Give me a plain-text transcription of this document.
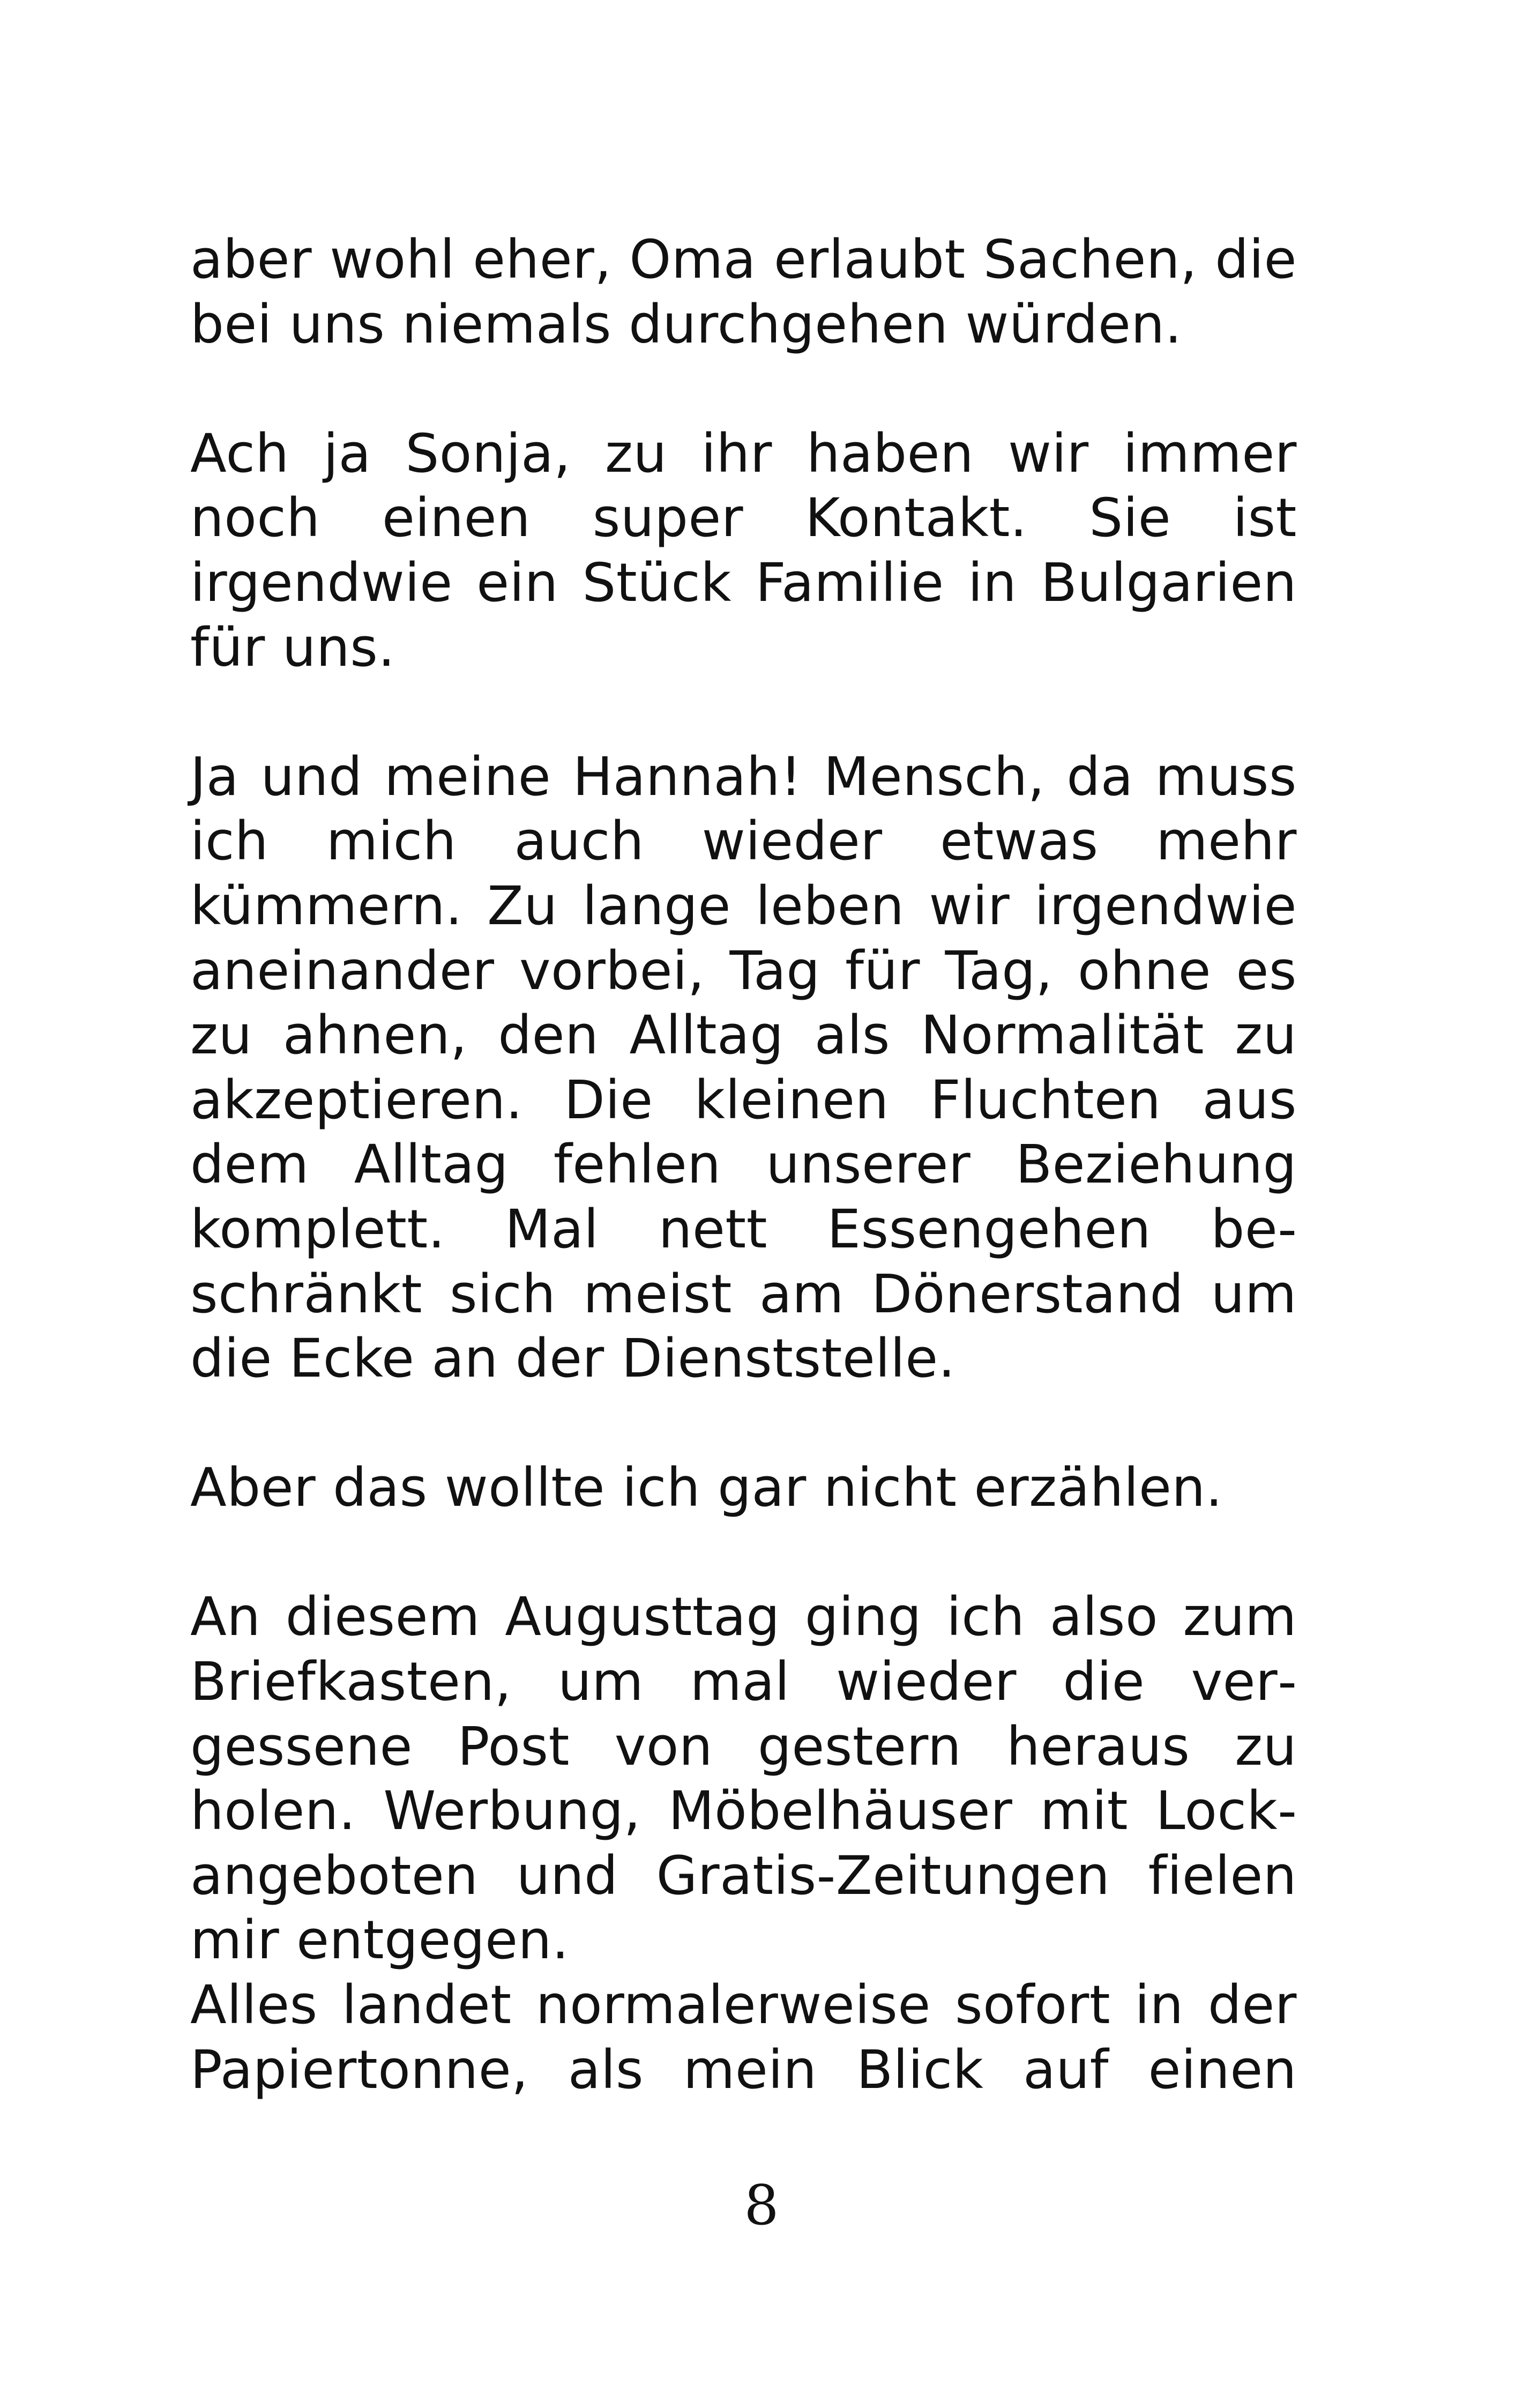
aber wohl eher, Oma erlaubt Sachen, die bei uns niemals durchgehen würden.

Ach ja Sonja, zu ihr haben wir immer noch einen super Kontakt. Sie ist irgendwie ein Stück Familie in Bulgarien für uns.

Ja und meine Hannah! Mensch, da muss ich mich auch wieder etwas mehr kümmern. Zu lange leben wir irgendwie aneinander vorbei, Tag für Tag, ohne es zu ahnen, den Alltag als Normalität zu akzeptieren. Die kleinen Fluchten aus dem Alltag fehlen unserer Beziehung komplett. Mal nett Essengehen beschränkt sich meist am Dönerstand um die Ecke an der Dienststelle.

Aber das wollte ich gar nicht erzählen.

An diesem Augusttag ging ich also zum Briefkasten, um mal wieder die vergessene Post von gestern heraus zu holen. Werbung, Möbelhäuser mit Lockangeboten und Gratis-Zeitungen fielen mir entgegen.

Alles landet normalerweise sofort in der Papiertonne, als mein Blick auf einen

8
